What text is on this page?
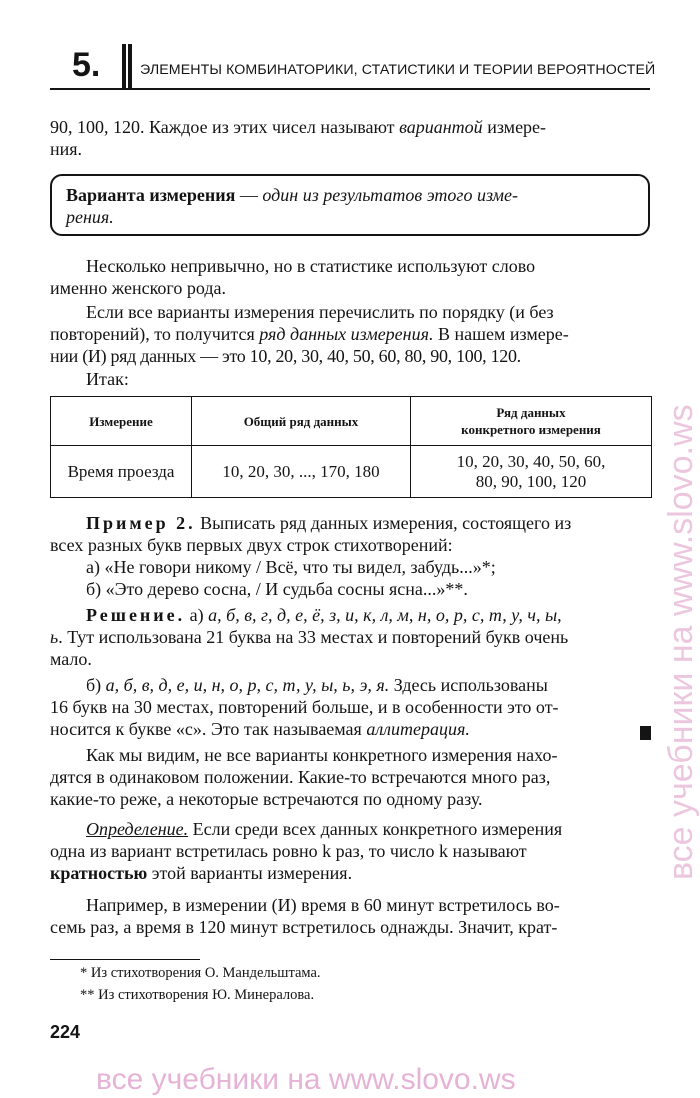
5.	ЭЛЕМЕНТЫ КОМБИНАТОРИКИ, СТАТИСТИКИ И ТЕОРИИ ВЕРОЯТНОСТЕЙ
90, 100, 120. Каждое из этих чисел называют вариантой измере-
ния.
Варианта измерения — один из результатов этого изме-
рения.
Несколько непривычно, но в статистике используют слово
именно женского рода.
Если все варианты измерения перечислить по порядку (и без
повторений), то получится ряд данных измерения. В нашем измере-
нии (И) ряд данных — это 10, 20, 30, 40, 50, 60, 80, 90, 100, 120.
Итак:
Измерение	Общий ряд данных	Ряд данных
конкретного измерения

Время проезда	10, 20, 30, ..., 170, 180	10, 20, 30, 40, 50, 60,
80, 90, 100, 120
Пример 2. Выписать ряд данных измерения, состоящего из
всех разных букв первых двух строк стихотворений:
а) «Не говори никому / Всё, что ты видел, забудь...»*;
б) «Это дерево сосна, / И судьба сосны ясна...»**.
Решение. а) а, б, в, г, д, е, ё, з, и, к, л, м, н, о, р, с, т, у, ч, ы,
ь. Тут использована 21 буква на 33 местах и повторений букв очень
мало.
б) а, б, в, д, е, и, н, о, р, с, т, у, ы, ь, э, я. Здесь использованы
16 букв на 30 местах, повторений больше, и в особенности это от-
носится к букве «с». Это так называемая аллитерация.
Как мы видим, не все варианты конкретного измерения нахо-
дятся в одинаковом положении. Какие-то встречаются много раз,
какие-то реже, а некоторые встречаются по одному разу.
Определение. Если среди всех данных конкретного измерения
одна из вариант встретилась ровно k раз, то число k называют
кратностью этой варианты измерения.
Например, в измерении (И) время в 60 минут встретилось во-
семь раз, а время в 120 минут встретилось однажды. Значит, крат-
* Из стихотворения О. Мандельштама.
** Из стихотворения Ю. Минералова.
224
все учебники на www.slovo.ws
все учебники на www.slovo.ws
